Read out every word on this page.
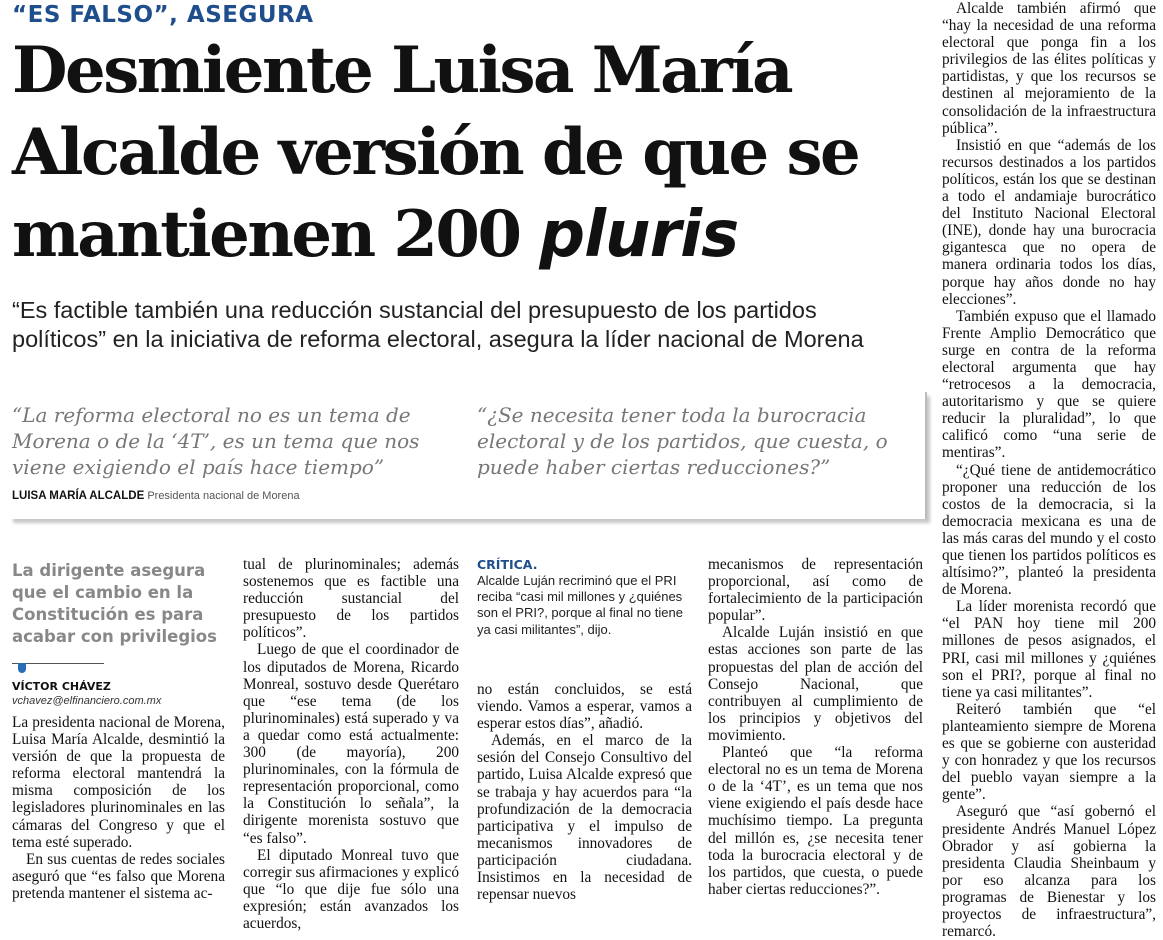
“ES FALSO”, ASEGURA
Desmiente Luisa María Alcalde versión de que se mantienen 200 pluris
“Es factible también una reducción sustancial del presupuesto de los partidos políticos” en la iniciativa de reforma electoral, asegura la líder nacional de Morena
“La reforma electoral no es un tema de Morena o de la ‘4T’, es un tema que nos viene exigiendo el país hace tiempo”
“¿Se necesita tener toda la burocracia electoral y de los partidos, que cuesta, o puede haber ciertas reducciones?”
LUISA MARÍA ALCALDE Presidenta nacional de Morena
La dirigente asegura que el cambio en la Constitución es para acabar con privilegios
VÍCTOR CHÁVEZ
vchavez@elfinanciero.com.mx

La presidenta nacional de Morena, Luisa María Alcalde, desmintió la versión de que la propuesta de reforma electoral mantendrá la misma composición de los legisladores plurinominales en las cámaras del Congreso y que el tema esté superado.

En sus cuentas de redes sociales aseguró que “es falso que Morena pretenda mantener el sistema ac-

tual de plurinominales; además sostenemos que es factible una reducción sustancial del presupuesto de los partidos políticos”.

Luego de que el coordinador de los diputados de Morena, Ricardo Monreal, sostuvo desde Querétaro que “ese tema (de los plurinominales) está superado y va a quedar como está actualmente: 300 (de mayoría), 200 plurinominales, con la fórmula de representación proporcional, como la Constitución lo señala”, la dirigente morenista sostuvo que “es falso”.

El diputado Monreal tuvo que corregir sus afirmaciones y explicó que “lo que dije fue sólo una expresión; están avanzados los acuerdos,

CRÍTICA.
Alcalde Luján recriminó que el PRI reciba “casi mil millones y ¿quiénes son el PRI?, porque al final no tiene ya casi militantes”, dijo.

no están concluidos, se está viendo. Vamos a esperar, vamos a esperar estos días”, añadió.

Además, en el marco de la sesión del Consejo Consultivo del partido, Luisa Alcalde expresó que se trabaja y hay acuerdos para “la profundización de la democracia participativa y el impulso de mecanismos innovadores de participación ciudadana. Insistimos en la necesidad de repensar nuevos

mecanismos de representación proporcional, así como de fortalecimiento de la participación popular”.

Alcalde Luján insistió en que estas acciones son parte de las propuestas del plan de acción del Consejo Nacional, que contribuyen al cumplimiento de los principios y objetivos del movimiento.

Planteó que “la reforma electoral no es un tema de Morena o de la ‘4T’, es un tema que nos viene exigiendo el país desde hace muchísimo tiempo. La pregunta del millón es, ¿se necesita tener toda la burocracia electoral y de los partidos, que cuesta, o puede haber ciertas reducciones?”.

Alcalde también afirmó que “hay la necesidad de una reforma electoral que ponga fin a los privilegios de las élites políticas y partidistas, y que los recursos se destinen al mejoramiento de la consolidación de la infraestructura pública”.

Insistió en que “además de los recursos destinados a los partidos políticos, están los que se destinan a todo el andamiaje burocrático del Instituto Nacional Electoral (INE), donde hay una burocracia gigantesca que no opera de manera ordinaria todos los días, porque hay años donde no hay elecciones”.

También expuso que el llamado Frente Amplio Democrático que surge en contra de la reforma electoral argumenta que hay “retrocesos a la democracia, autoritarismo y que se quiere reducir la pluralidad”, lo que calificó como “una serie de mentiras”.

“¿Qué tiene de antidemocrático proponer una reducción de los costos de la democracia, si la democracia mexicana es una de las más caras del mundo y el costo que tienen los partidos políticos es altísimo?”, planteó la presidenta de Morena.

La líder morenista recordó que “el PAN hoy tiene mil 200 millones de pesos asignados, el PRI, casi mil millones y ¿quiénes son el PRI?, porque al final no tiene ya casi militantes”.

Reiteró también que “el planteamiento siempre de Morena es que se gobierne con austeridad y con honradez y que los recursos del pueblo vayan siempre a la gente”.

Aseguró que “así gobernó el presidente Andrés Manuel López Obrador y así gobierna la presidenta Claudia Sheinbaum y por eso alcanza para los programas de Bienestar y los proyectos de infraestructura”, remarcó.
